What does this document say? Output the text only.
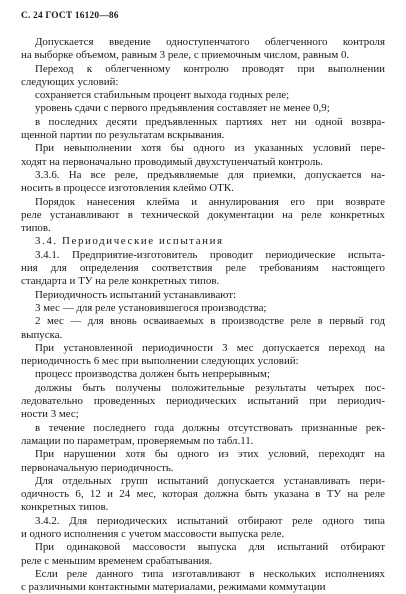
С. 24 ГОСТ 16120—86
Допускается введение одноступенчатого облегченного контроля
на выборке объемом, равным 3 реле, с приемочным числом, равным 0.
Переход к облегченному контролю проводят при выполнении
следующих условий:
сохраняется стабильным процент выхода годных реле;
уровень сдачи с первого предъявления составляет не менее 0,9;
в последних десяти предъявленных партиях нет ни одной возвра-
щенной партии по результатам вскрывания.
При невыполнении хотя бы одного из указанных условий пере-
ходят на первоначально проводимый двухступенчатый контроль.
3.3.6. На все реле, предъявляемые для приемки, допускается на-
носить в процессе изготовления клеймо ОТК.
Порядок нанесения клейма и аннулирования его при возврате
реле устанавливают в технической документации на реле конкретных
типов.
3.4. Периодические испытания
3.4.1. Предприятие-изготовитель проводит периодические испыта-
ния для определения соответствия реле требованиям настоящего
стандарта и ТУ на реле конкретных типов.
Периодичность испытаний устанавливают:
3 мес — для реле установившегося производства;
2 мес — для вновь осваиваемых в производстве реле в первый год
выпуска.
При установленной периодичности 3 мес допускается переход на
периодичность 6 мес при выполнении следующих условий:
процесс производства должен быть непрерывным;
должны быть получены положительные результаты четырех пос-
ледовательно проведенных периодических испытаний при периодич-
ности 3 мес;
в течение последнего года должны отсутствовать признанные рек-
ламации по параметрам, проверяемым по табл.11.
При нарушении хотя бы одного из этих условий, переходят на
первоначальную периодичность.
Для отдельных групп испытаний допускается устанавливать пери-
одичность 6, 12 и 24 мес, которая должна быть указана в ТУ на реле
конкретных типов.
3.4.2. Для периодических испытаний отбирают реле одного типа
и одного исполнения с учетом массовости выпуска реле.
При одинаковой массовости выпуска для испытаний отбирают
реле с меньшим временем срабатывания.
Если реле данного типа изготавливают в нескольких исполнениях
с различными контактными материалами, режимами коммутации
